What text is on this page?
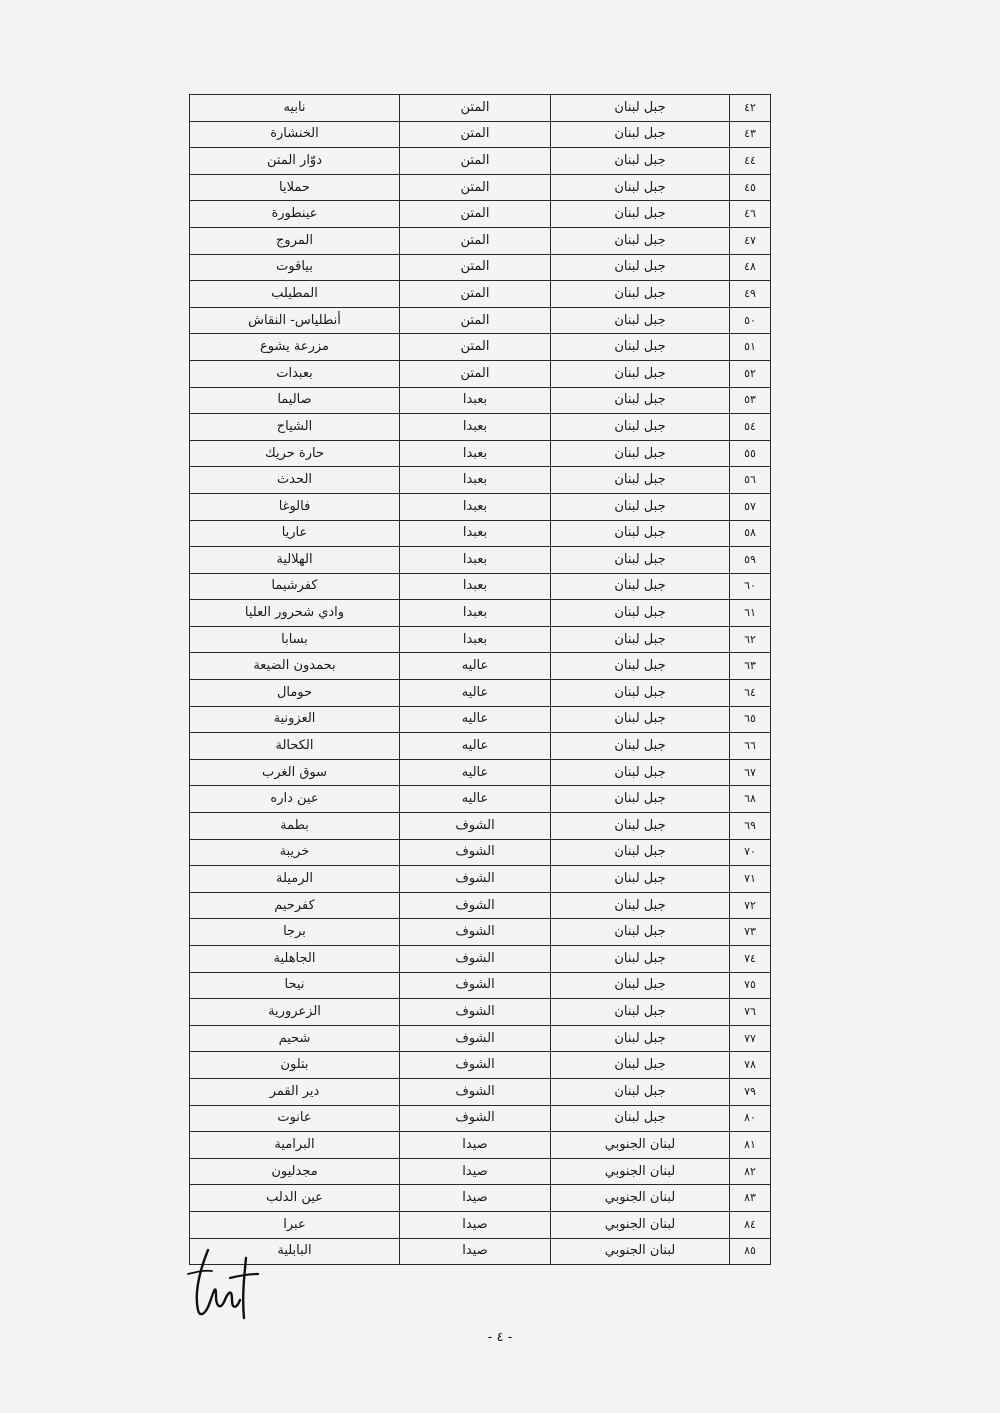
٤٢	جبل لبنان	المتن	نابيه
٤٣	جبل لبنان	المتن	الخنشارة
٤٤	جبل لبنان	المتن	دوّار المتن
٤٥	جبل لبنان	المتن	حملايا
٤٦	جبل لبنان	المتن	عينطورة
٤٧	جبل لبنان	المتن	المروج
٤٨	جبل لبنان	المتن	بياقوت
٤٩	جبل لبنان	المتن	المطيلب
٥٠	جبل لبنان	المتن	أنطلياس- النقاش
٥١	جبل لبنان	المتن	مزرعة يشوع
٥٢	جبل لبنان	المتن	بعبدات
٥٣	جبل لبنان	بعبدا	صاليما
٥٤	جبل لبنان	بعبدا	الشياح
٥٥	جبل لبنان	بعبدا	حارة حريك
٥٦	جبل لبنان	بعبدا	الحدث
٥٧	جبل لبنان	بعبدا	فالوغا
٥٨	جبل لبنان	بعبدا	عاريا
٥٩	جبل لبنان	بعبدا	الهلالية
٦٠	جبل لبنان	بعبدا	كفرشيما
٦١	جبل لبنان	بعبدا	وادي شحرور العليا
٦٢	جبل لبنان	بعبدا	بسابا
٦٣	جبل لبنان	عاليه	بحمدون الضيعة
٦٤	جبل لبنان	عاليه	حومال
٦٥	جبل لبنان	عاليه	العزونية
٦٦	جبل لبنان	عاليه	الكحالة
٦٧	جبل لبنان	عاليه	سوق الغرب
٦٨	جبل لبنان	عاليه	عين داره
٦٩	جبل لبنان	الشوف	بطمة
٧٠	جبل لبنان	الشوف	خريبة
٧١	جبل لبنان	الشوف	الرميلة
٧٢	جبل لبنان	الشوف	كفرحيم
٧٣	جبل لبنان	الشوف	برجا
٧٤	جبل لبنان	الشوف	الجاهلية
٧٥	جبل لبنان	الشوف	نيحا
٧٦	جبل لبنان	الشوف	الزعرورية
٧٧	جبل لبنان	الشوف	شحيم
٧٨	جبل لبنان	الشوف	بتلون
٧٩	جبل لبنان	الشوف	دير القمر
٨٠	جبل لبنان	الشوف	عانوت
٨١	لبنان الجنوبي	صيدا	البرامية
٨٢	لبنان الجنوبي	صيدا	مجدليون
٨٣	لبنان الجنوبي	صيدا	عين الدلب
٨٤	لبنان الجنوبي	صيدا	عبرا
٨٥	لبنان الجنوبي	صيدا	البابلية
- ٤ -
